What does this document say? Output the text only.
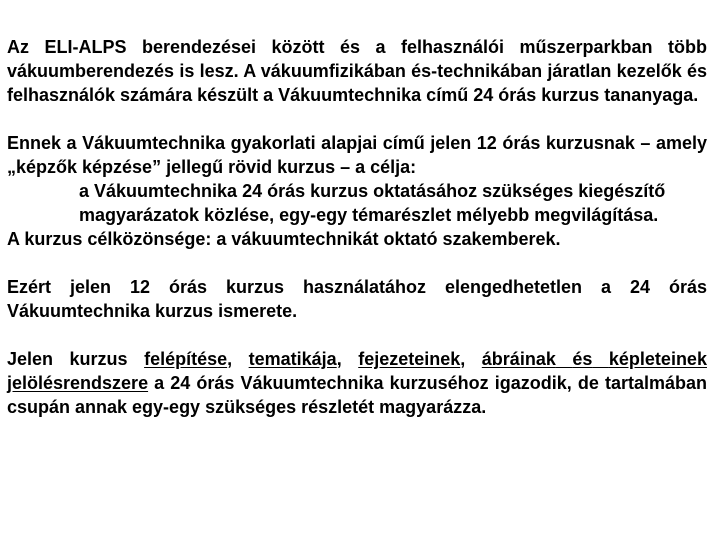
Az ELI-ALPS berendezései között és a felhasználói műszerparkban több vákuumberendezés is lesz. A vákuumfizikában és-technikában járatlan kezelők és felhasználók számára készült a Vákuumtechnika című 24 órás kurzus tananyaga.

Ennek a Vákuumtechnika gyakorlati alapjai című jelen 12 órás kurzusnak – amely „képzők képzése” jellegű rövid kurzus – a célja:

a Vákuumtechnika 24 órás kurzus oktatásához szükséges kiegészítő magyarázatok közlése, egy-egy témarészlet mélyebb megvilágítása.

A kurzus célközönsége: a vákuumtechnikát oktató szakemberek.

Ezért jelen 12 órás kurzus használatához elengedhetetlen a 24 órás Vákuumtechnika kurzus ismerete.

Jelen kurzus felépítése, tematikája, fejezeteinek, ábráinak és képleteinek jelölésrendszere a 24 órás Vákuumtechnika kurzuséhoz igazodik, de tartalmában csupán annak egy-egy szükséges részletét magyarázza.
